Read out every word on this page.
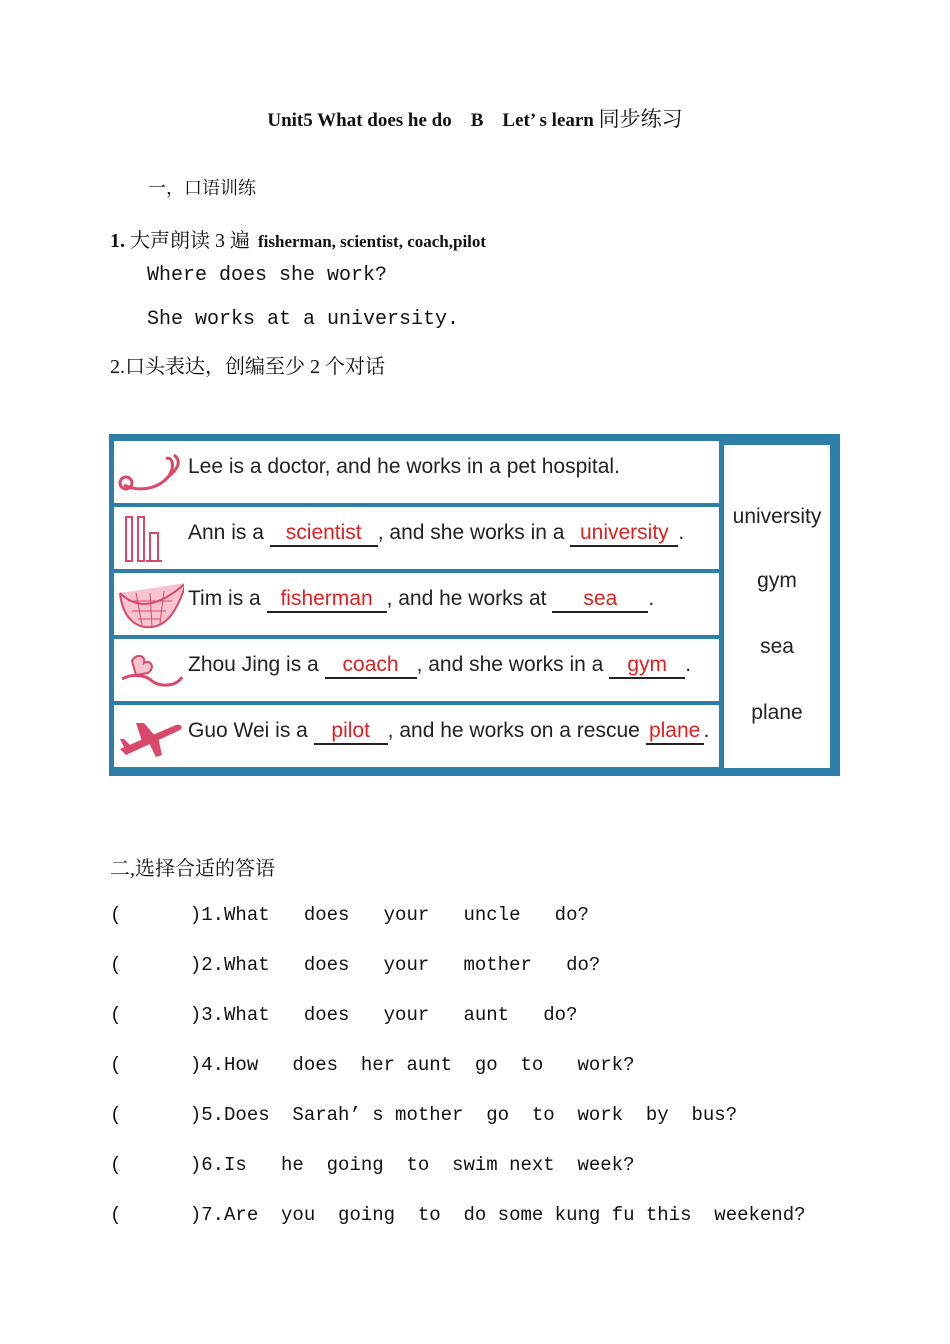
Unit5 What does he do    B    Let’ s learn 同步练习
一，口语训练
1. 大声朗读 3 遍 fisherman, scientist, coach,pilot
Where does she work?
She works at a university.
2.口头表达，创编至少 2 个对话
Lee is a doctor, and he works in a pet hospital.
Ann is a scientist , and she works in a university .
Tim is a fisherman , and he works at sea .
Zhou Jing is a coach , and she works in a gym .
Guo Wei is a pilot , and he works on a rescue plane .
university
gym
sea
plane
二,选择合适的答语
(      )1.What   does   your   uncle   do?
(      )2.What   does   your   mother   do?
(      )3.What   does   your   aunt   do?
(      )4.How   does  her aunt  go  to   work?
(      )5.Does  Sarah’ s mother  go  to  work  by  bus?
(      )6.Is   he  going  to  swim next  week?
(      )7.Are  you  going  to  do some kung fu this  weekend?
